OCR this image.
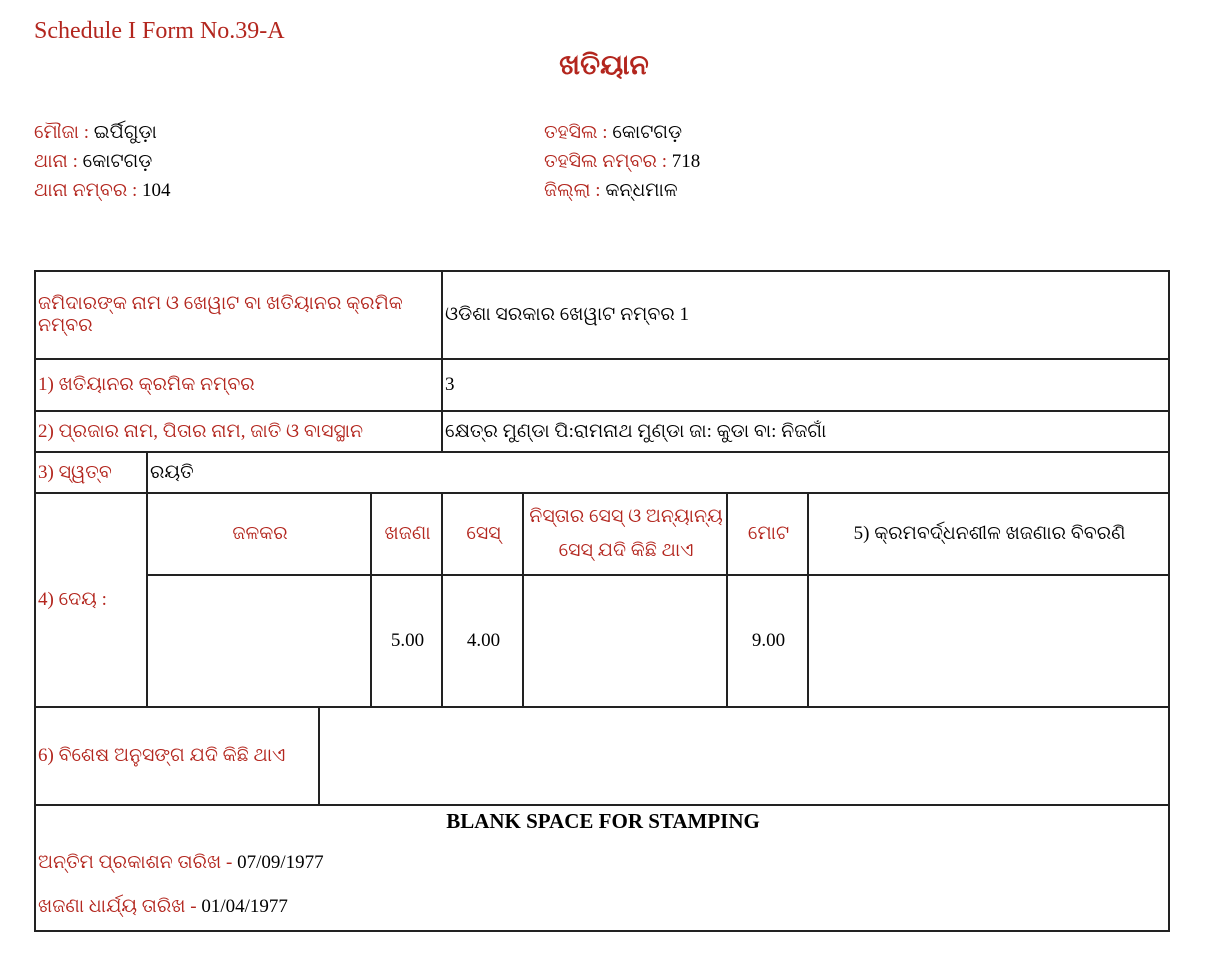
Schedule I Form No.39-A
ଖତିୟାନ
ମୌଜା : ଇର୍ପିଗୁଡ଼ା
ଥାନା : କୋଟଗଡ଼
ଥାନା ନମ୍ବର : 104
ତହସିଲ : କୋଟଗଡ଼
ତହସିଲ ନମ୍ବର : 718
ଜିଲ୍ଲା : କନ୍ଧମାଳ
ଜମିଦାରଙ୍କ ନାମ ଓ ଖେୱାଟ ବା ଖତିୟାନର କ୍ରମିକ ନମ୍ବର				ଓଡିଶା ସରକାର ଖେୱାଟ ନମ୍ବର 1			
1) ଖତିୟାନର କ୍ରମିକ ନମ୍ବର				3			
2) ପ୍ରଜାର ନାମ, ପିତାର ନାମ, ଜାତି ଓ ବାସସ୍ଥାନ				କ୍ଷେତ୍ର ମୁଣ୍ଡା ପି:ରାମନାଥ ମୁଣ୍ଡା ଜା: କୁଡା ବା: ନିଜଗାଁ			
3) ସ୍ୱତ୍ବ	ରୟତି						
4) ଦେୟ :	ଜଳକର		ଖଜଣା	ସେସ୍	ନିସ୍ତାର ସେସ୍ ଓ ଅନ୍ୟାନ୍ୟ
ସେସ୍ ଯଦି କିଛି ଥାଏ	ମୋଟ	5) କ୍ରମବର୍ଦ୍ଧନଶୀଳ ଖଜଣାର ବିବରଣି
			5.00	4.00		9.00	
6) ବିଶେଷ ଅନୁସଙ୍ଗ ଯଦି କିଛି ଥାଏ							

BLANK SPACE FOR STAMPING
ଅନ୍ତିମ ପ୍ରକାଶନ ତାରିଖ - 07/09/1977
ଖଜଣା ଧାର୍ଯ୍ୟ ତାରିଖ - 01/04/1977							
